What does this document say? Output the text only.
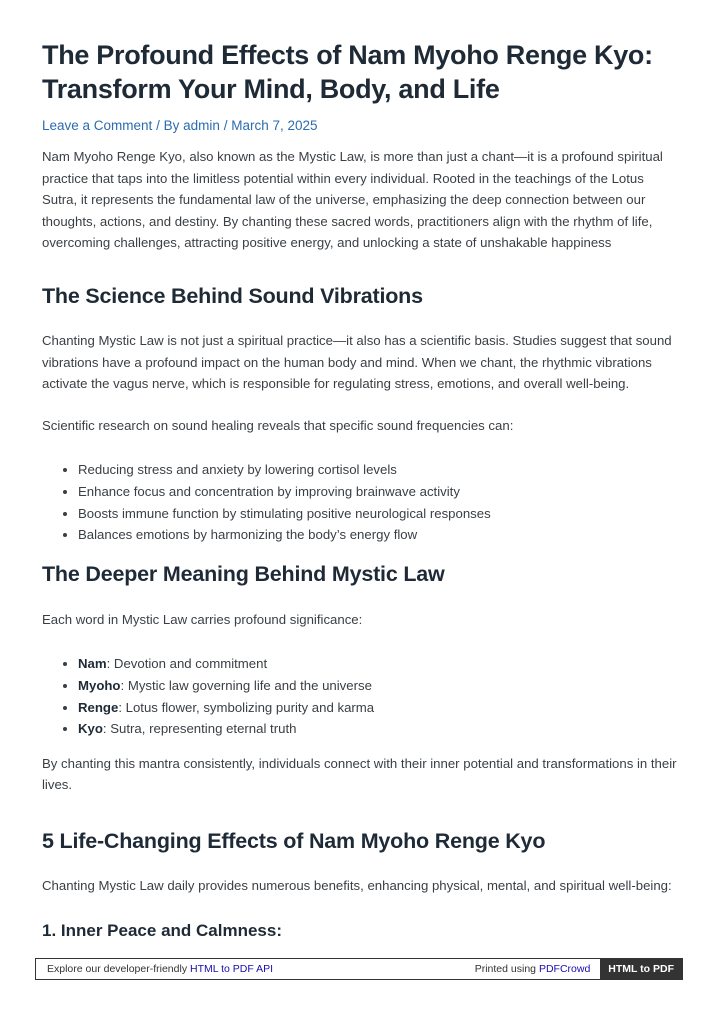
The Profound Effects of Nam Myoho Renge Kyo: Transform Your Mind, Body, and Life
Leave a Comment / By admin / March 7, 2025

Nam Myoho Renge Kyo, also known as the Mystic Law, is more than just a chant—it is a profound spiritual practice that taps into the limitless potential within every individual. Rooted in the teachings of the Lotus Sutra, it represents the fundamental law of the universe, emphasizing the deep connection between our thoughts, actions, and destiny. By chanting these sacred words, practitioners align with the rhythm of life, overcoming challenges, attracting positive energy, and unlocking a state of unshakable happiness

The Science Behind Sound Vibrations

Chanting Mystic Law is not just a spiritual practice—it also has a scientific basis. Studies suggest that sound vibrations have a profound impact on the human body and mind. When we chant, the rhythmic vibrations activate the vagus nerve, which is responsible for regulating stress, emotions, and overall well-being.

Scientific research on sound healing reveals that specific sound frequencies can:

• Reducing stress and anxiety by lowering cortisol levels
• Enhance focus and concentration by improving brainwave activity
• Boosts immune function by stimulating positive neurological responses
• Balances emotions by harmonizing the body’s energy flow
The Deeper Meaning Behind Mystic Law

Each word in Mystic Law carries profound significance:

• Nam: Devotion and commitment
• Myoho: Mystic law governing life and the universe
• Renge: Lotus flower, symbolizing purity and karma
• Kyo: Sutra, representing eternal truth

By chanting this mantra consistently, individuals connect with their inner potential and transformations in their lives.

5 Life-Changing Effects of Nam Myoho Renge Kyo

Chanting Mystic Law daily provides numerous benefits, enhancing physical, mental, and spiritual well-being:

1. Inner Peace and Calmness:
Explore our developer-friendly HTML to PDF API	Printed using PDFCrowd	HTML to PDF
